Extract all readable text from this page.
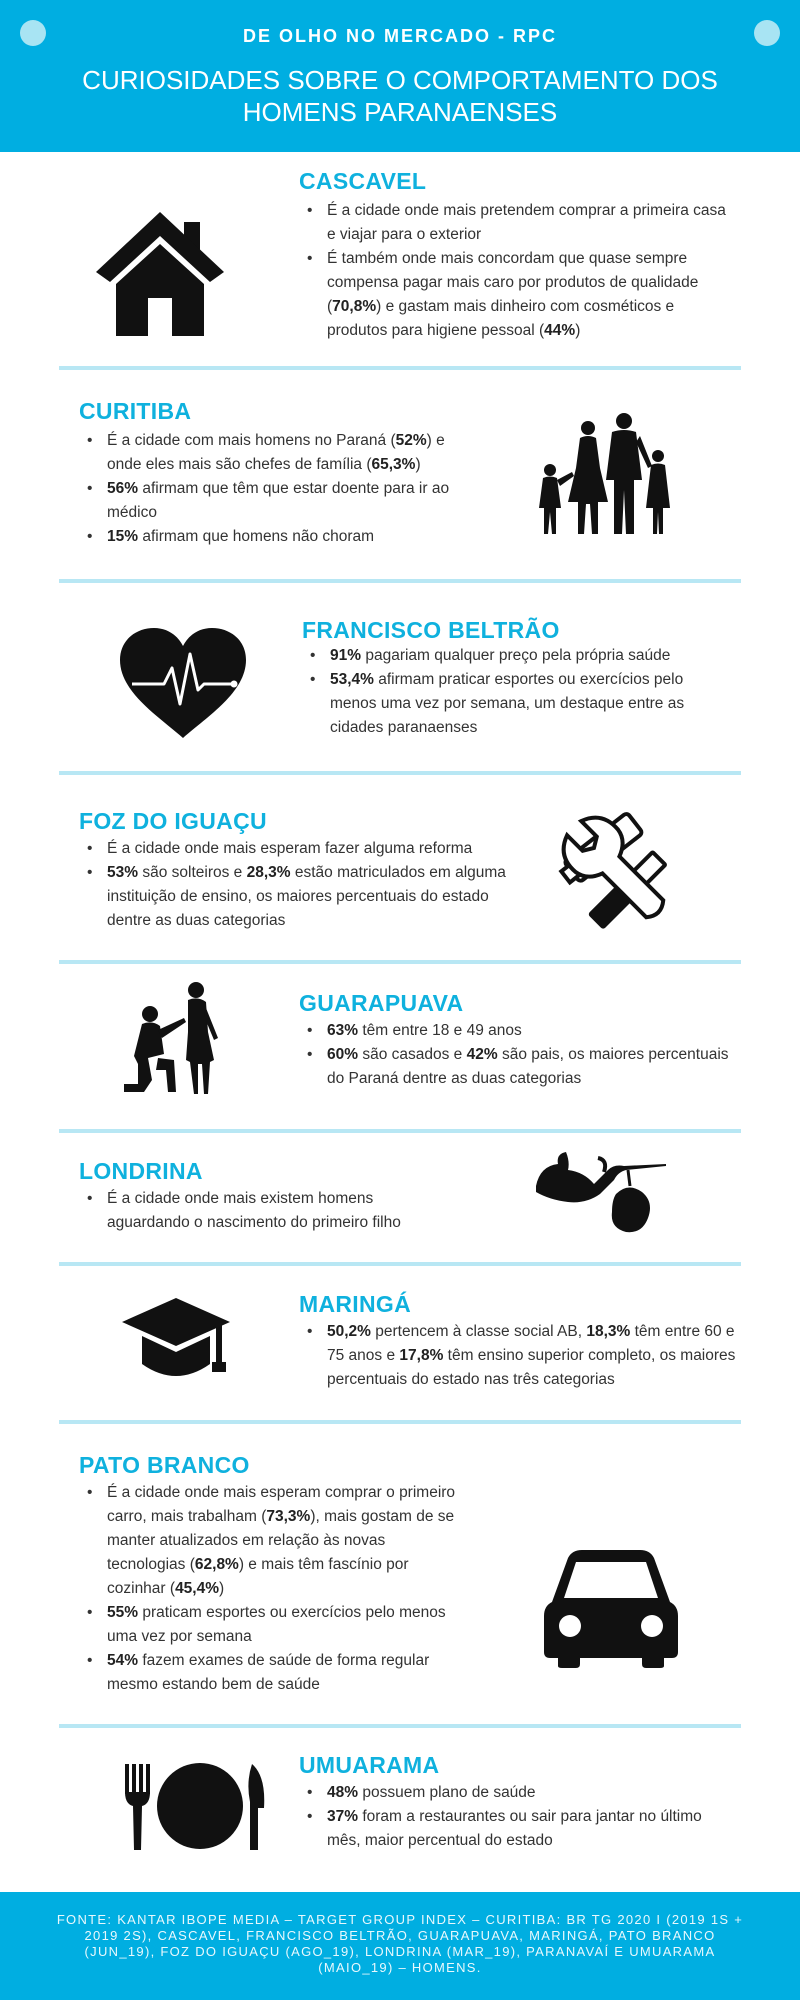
DE OLHO NO MERCADO - RPC
CURIOSIDADES SOBRE O COMPORTAMENTO DOS HOMENS PARANAENSES
CASCAVEL
• É a cidade onde mais pretendem comprar a primeira casa e viajar para o exterior
• É também onde mais concordam que quase sempre compensa pagar mais caro por produtos de qualidade (70,8%) e gastam mais dinheiro com cosméticos e produtos para higiene pessoal (44%)
CURITIBA
• É a cidade com mais homens no Paraná (52%) e onde eles mais são chefes de família (65,3%)
• 56% afirmam que têm que estar doente para ir ao médico
• 15% afirmam que homens não choram
FRANCISCO BELTRÃO
• 91% pagariam qualquer preço pela própria saúde
• 53,4% afirmam praticar esportes ou exercícios pelo menos uma vez por semana, um destaque entre as cidades paranaenses
FOZ DO IGUAÇU
• É a cidade onde mais esperam fazer alguma reforma
• 53% são solteiros e 28,3% estão matriculados em alguma instituição de ensino, os maiores percentuais do estado dentre as duas categorias
GUARAPUAVA
• 63% têm entre 18 e 49 anos
• 60% são casados e 42% são pais, os maiores percentuais do Paraná dentre as duas categorias
LONDRINA
• É a cidade onde mais existem homens aguardando o nascimento do primeiro filho
MARINGÁ
• 50,2% pertencem à classe social AB, 18,3% têm entre 60 e 75 anos e 17,8% têm ensino superior completo, os maiores percentuais do estado nas três categorias
PATO BRANCO
• É a cidade onde mais esperam comprar o primeiro carro, mais trabalham (73,3%), mais gostam de se manter atualizados em relação às novas tecnologias (62,8%) e mais têm fascínio por cozinhar (45,4%)
• 55% praticam esportes ou exercícios pelo menos uma vez por semana
• 54% fazem exames de saúde de forma regular mesmo estando bem de saúde
UMUARAMA
• 48% possuem plano de saúde
• 37% foram a restaurantes ou sair para jantar no último mês, maior percentual do estado

FONTE: KANTAR IBOPE MEDIA – TARGET GROUP INDEX – CURITIBA: BR TG 2020 I (2019 1S + 2019 2S), CASCAVEL, FRANCISCO BELTRÃO, GUARAPUAVA, MARINGÁ, PATO BRANCO (JUN_19), FOZ DO IGUAÇU (AGO_19), LONDRINA (MAR_19), PARANAVAÍ E UMUARAMA (MAIO_19) – HOMENS.
